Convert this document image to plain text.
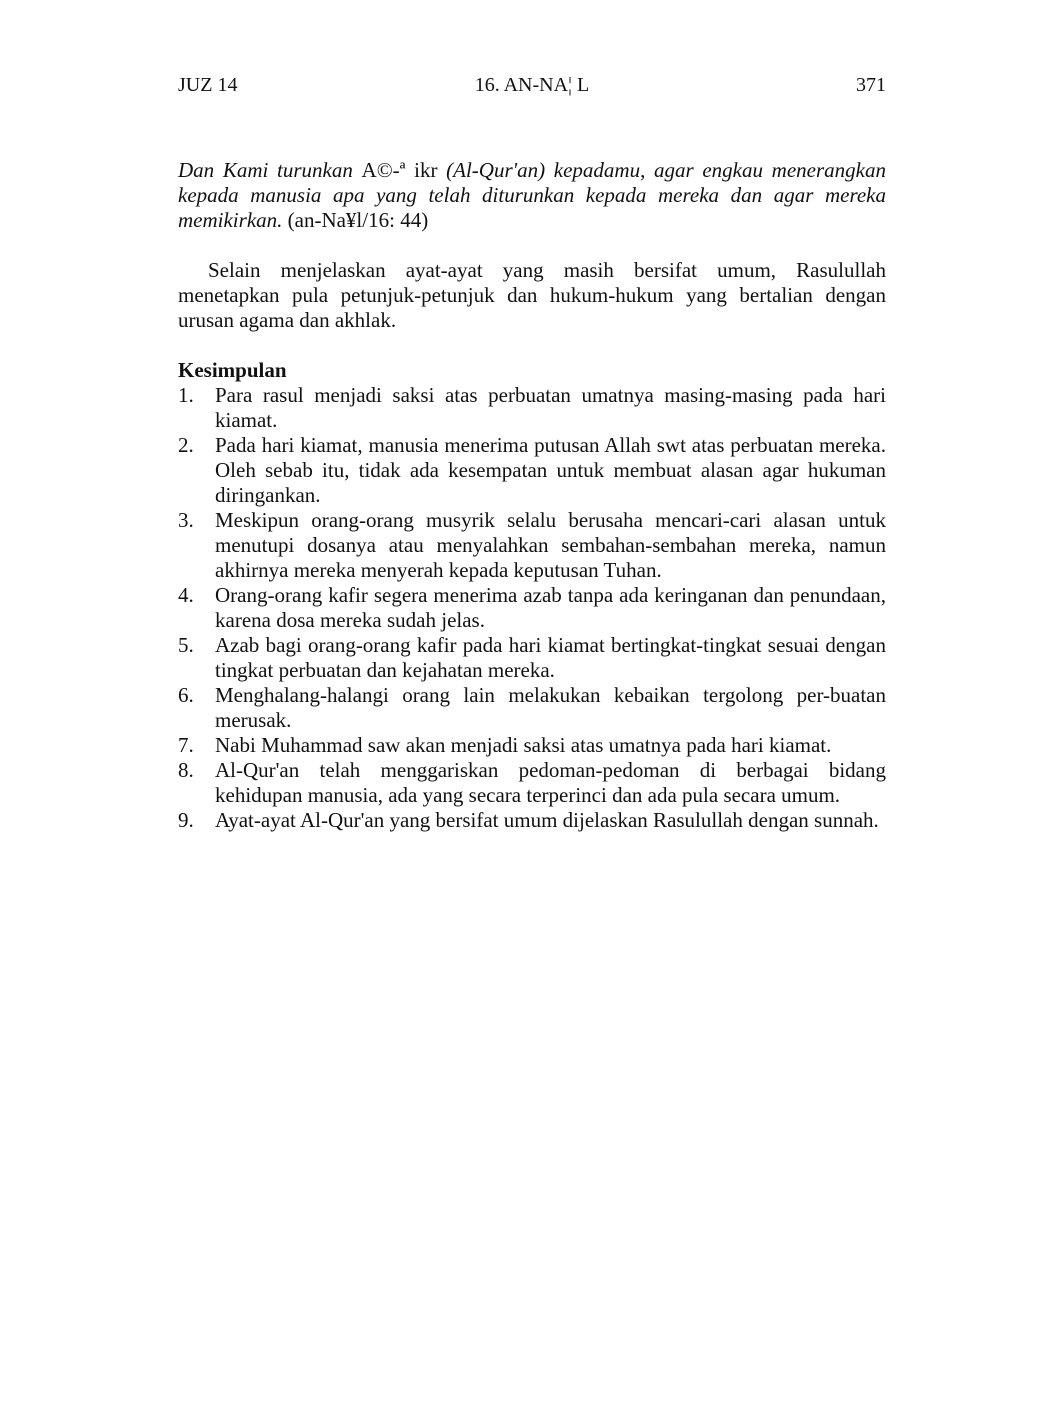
JUZ 14	16. AN-NA¦ L	371

Dan Kami turunkan A©-ª ikr (Al-Qur'an) kepadamu, agar engkau menerangkan kepada manusia apa yang telah diturunkan kepada mereka dan agar mereka memikirkan. (an-Na¥l/16: 44)

Selain menjelaskan ayat-ayat yang masih bersifat umum, Rasulullah menetapkan pula petunjuk-petunjuk dan hukum-hukum yang bertalian dengan urusan agama dan akhlak.

Kesimpulan
1. Para rasul menjadi saksi atas perbuatan umatnya masing-masing pada hari kiamat.
2. Pada hari kiamat, manusia menerima putusan Allah swt atas perbuatan mereka. Oleh sebab itu, tidak ada kesempatan untuk membuat alasan agar hukuman diringankan.
3. Meskipun orang-orang musyrik selalu berusaha mencari-cari alasan untuk menutupi dosanya atau menyalahkan sembahan-sembahan mereka, namun akhirnya mereka menyerah kepada keputusan Tuhan.
4. Orang-orang kafir segera menerima azab tanpa ada keringanan dan penundaan, karena dosa mereka sudah jelas.
5. Azab bagi orang-orang kafir pada hari kiamat bertingkat-tingkat sesuai dengan tingkat perbuatan dan kejahatan mereka.
6. Menghalang-halangi orang lain melakukan kebaikan tergolong per-buatan merusak.
7. Nabi Muhammad saw akan menjadi saksi atas umatnya pada hari kiamat.
8. Al-Qur'an telah menggariskan pedoman-pedoman di berbagai bidang kehidupan manusia, ada yang secara terperinci dan ada pula secara umum.
9. Ayat-ayat Al-Qur'an yang bersifat umum dijelaskan Rasulullah dengan sunnah.
